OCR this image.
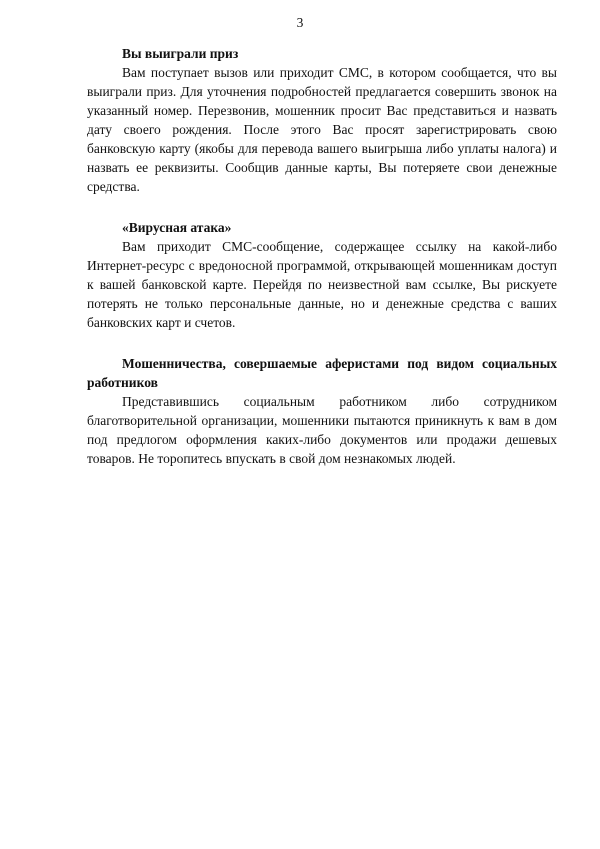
3

Вы выиграли приз

Вам поступает вызов или приходит СМС, в котором сообщается, что вы выиграли приз. Для уточнения подробностей предлагается совершить звонок на указанный номер. Перезвонив, мошенник просит Вас представиться и назвать дату своего рождения. После этого Вас просят зарегистрировать свою банковскую карту (якобы для перевода вашего выигрыша либо уплаты налога) и назвать ее реквизиты. Сообщив данные карты, Вы потеряете свои денежные средства.

«Вирусная атака»

Вам приходит СМС-сообщение, содержащее ссылку на какой-либо Интернет-ресурс с вредоносной программой, открывающей мошенникам доступ к вашей банковской карте. Перейдя по неизвестной вам ссылке, Вы рискуете потерять не только персональные данные, но и денежные средства с ваших банковских карт и счетов.

Мошенничества, совершаемые аферистами под видом социальных работников

Представившись социальным работником либо сотрудником благотворительной организации, мошенники пытаются приникнуть к вам в дом под предлогом оформления каких-либо документов или продажи дешевых товаров. Не торопитесь впускать в свой дом незнакомых людей.
